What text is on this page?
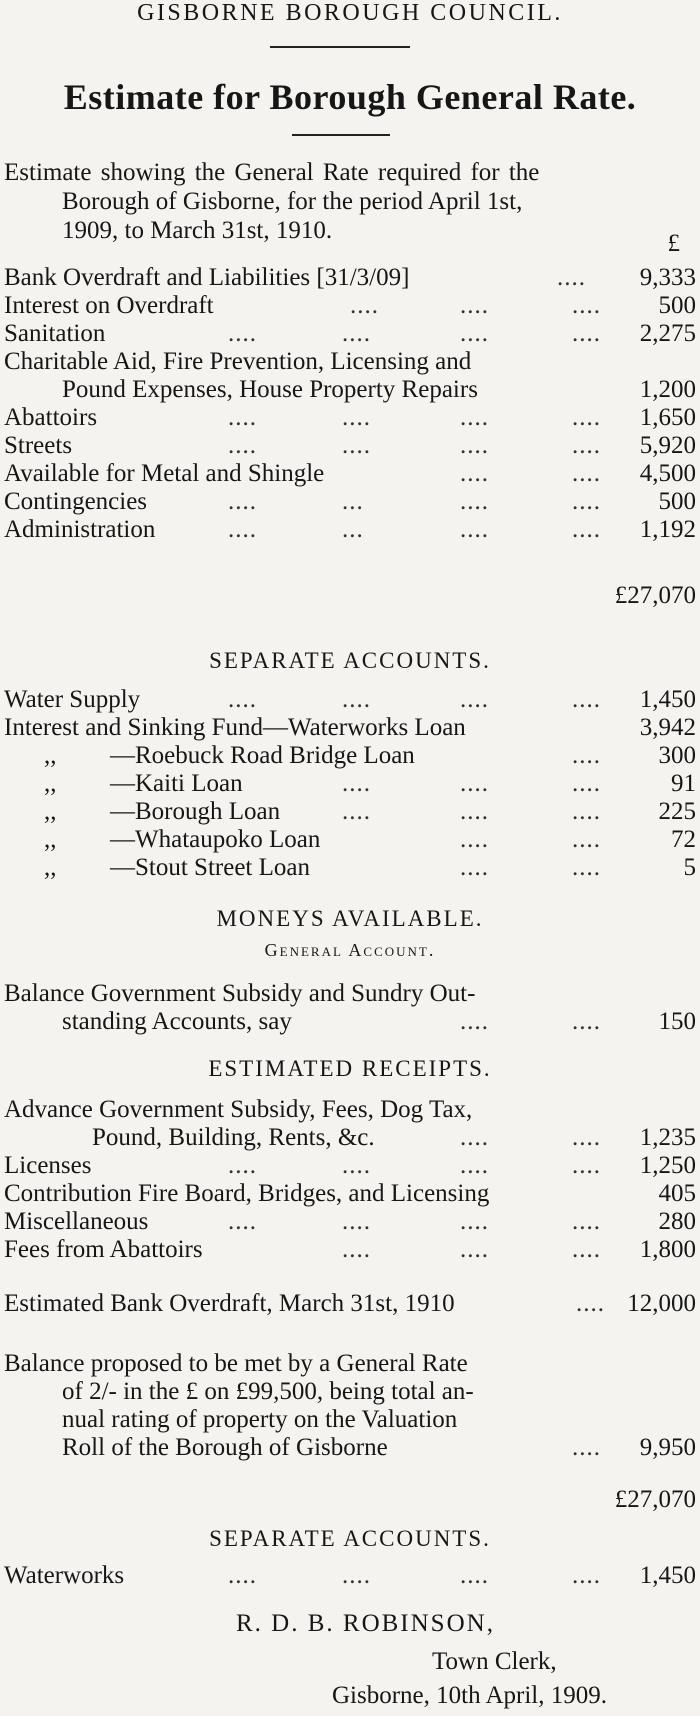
GISBORNE BOROUGH COUNCIL.
Estimate for Borough General Rate.
Estimate showing the General Rate required for the
Borough of Gisborne, for the period April 1st,
1909, to March 31st, 1910.	£
Bank Overdraft and Liabilities [31/3/09]	.... 9,333
Interest on Overdraft	....	....	.... 500
Sanitation	....	....	....	.... 2,275
Charitable Aid, Fire Prevention, Licensing and
Pound Expenses, House Property Repairs	1,200
Abattoirs	....	....	....	.... 1,650
Streets	....	....	....	.... 5,920
Available for Metal and Shingle	....	.... 4,500
Contingencies	....	...	....	.... 500
Administration	....	...	....	.... 1,192
£27,070
SEPARATE ACCOUNTS.
Water Supply	....	....	....	.... 1,450
Interest and Sinking Fund—Waterworks Loan	3,942
,, —Roebuck Road Bridge Loan	.... 300
,, —Kaiti Loan	....	....	....	91
,, —Borough Loan ....	....	.... 225
,, —Whataupoko Loan	....	....	72
,, —Stout Street Loan	....	....	5
MONEYS AVAILABLE.
General Account.
Balance Government Subsidy and Sundry Out-
standing Accounts, say	....	.... 150
ESTIMATED RECEIPTS.
Advance Government Subsidy, Fees, Dog Tax,
Pound, Building, Rents, &c.	....	.... 1,235
Licenses	....	....	....	.... 1,250
Contribution Fire Board, Bridges, and Licensing	405
Miscellaneous	....	....	....	.... 280
Fees from Abattoirs	....	....	.... 1,800
Estimated Bank Overdraft, March 31st, 1910	.... 12,000
Balance proposed to be met by a General Rate
of 2/- in the £ on £99,500, being total an-
nual rating of property on the Valuation
Roll of the Borough of Gisborne	.... 9,950
£27,070
SEPARATE ACCOUNTS.
Waterworks	....	....	....	.... 1,450
R. D. B. ROBINSON,
Town Clerk,
Gisborne, 10th April, 1909.
